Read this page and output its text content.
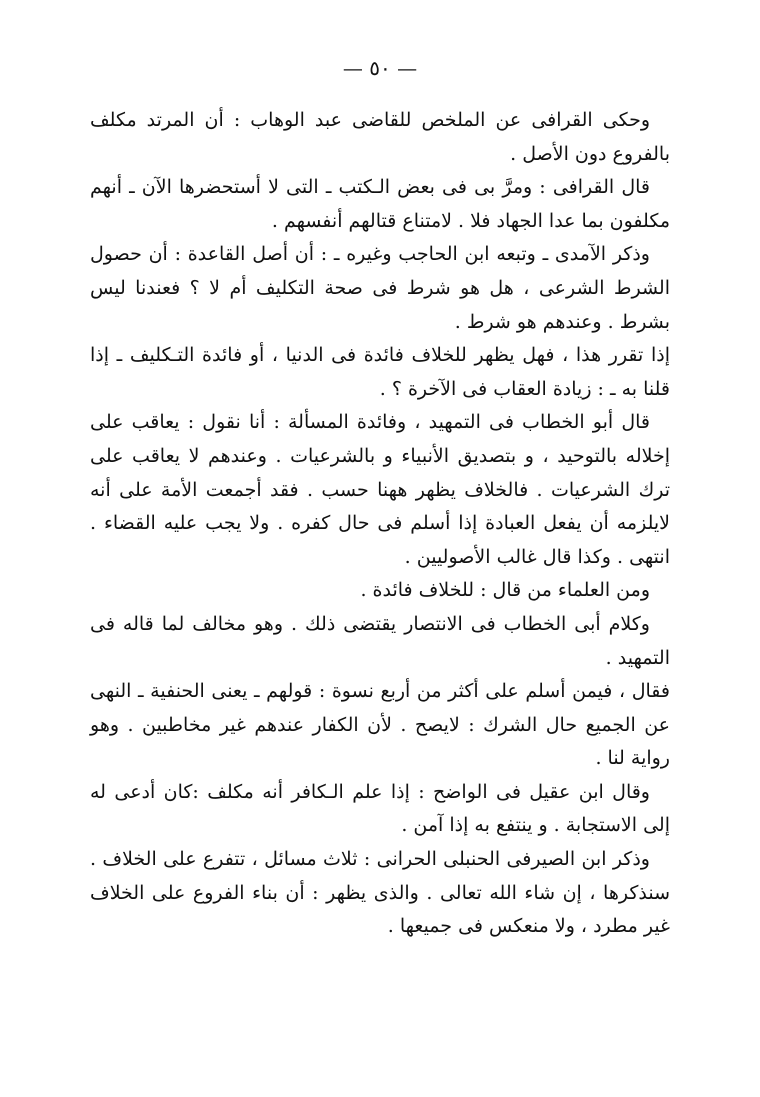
— ٥٠ —

وحكى القرافى عن الملخص للقاضى عبد الوهاب : أن المرتد مكلف بالفروع دون الأصل .

قال القرافى : ومرَّ بى فى بعض الـكتب ـ التى لا أستحضرها الآن ـ أنهم مكلفون بما عدا الجهاد فلا . لامتناع قتالهم أنفسهم .

وذكر الآمدى ـ وتبعه ابن الحاجب وغيره ـ : أن أصل القاعدة : أن حصول الشرط الشرعى ، هل هو شرط فى صحة التكليف أم لا ؟ فعندنا ليس بشرط . وعندهم هو شرط .

إذا تقرر هذا ، فهل يظهر للخلاف فائدة فى الدنيا ، أو فائدة التـكليف ـ إذا قلنا به ـ : زيادة العقاب فى الآخرة ؟ .

قال أبو الخطاب فى التمهيد ، وفائدة المسألة : أنا نقول : يعاقب على إخلاله بالتوحيد ، و بتصديق الأنبياء و بالشرعيات . وعندهم لا يعاقب على ترك الشرعيات . فالخلاف يظهر ههنا حسب . فقد أجمعت الأمة على أنه لايلزمه أن يفعل العبادة إذا أسلم فى حال كفره . ولا يجب عليه القضاء . انتهى . وكذا قال غالب الأصوليين .

ومن العلماء من قال : للخلاف فائدة .

وكلام أبى الخطاب فى الانتصار يقتضى ذلك . وهو مخالف لما قاله فى التمهيد .

فقال ، فيمن أسلم على أكثر من أربع نسوة : قولهم ـ يعنى الحنفية ـ النهى عن الجميع حال الشرك : لايصح . لأن الكفار عندهم غير مخاطبين . وهو رواية لنا .

وقال ابن عقيل فى الواضح : إذا علم الـكافر أنه مكلف :كان أدعى له إلى الاستجابة . و ينتفع به إذا آمن .

وذكر ابن الصيرفى الحنبلى الحرانى : ثلاث مسائل ، تتفرع على الخلاف . سنذكرها ، إن شاء الله تعالى . والذى يظهر : أن بناء الفروع على الخلاف غير مطرد ، ولا منعكس فى جميعها .
